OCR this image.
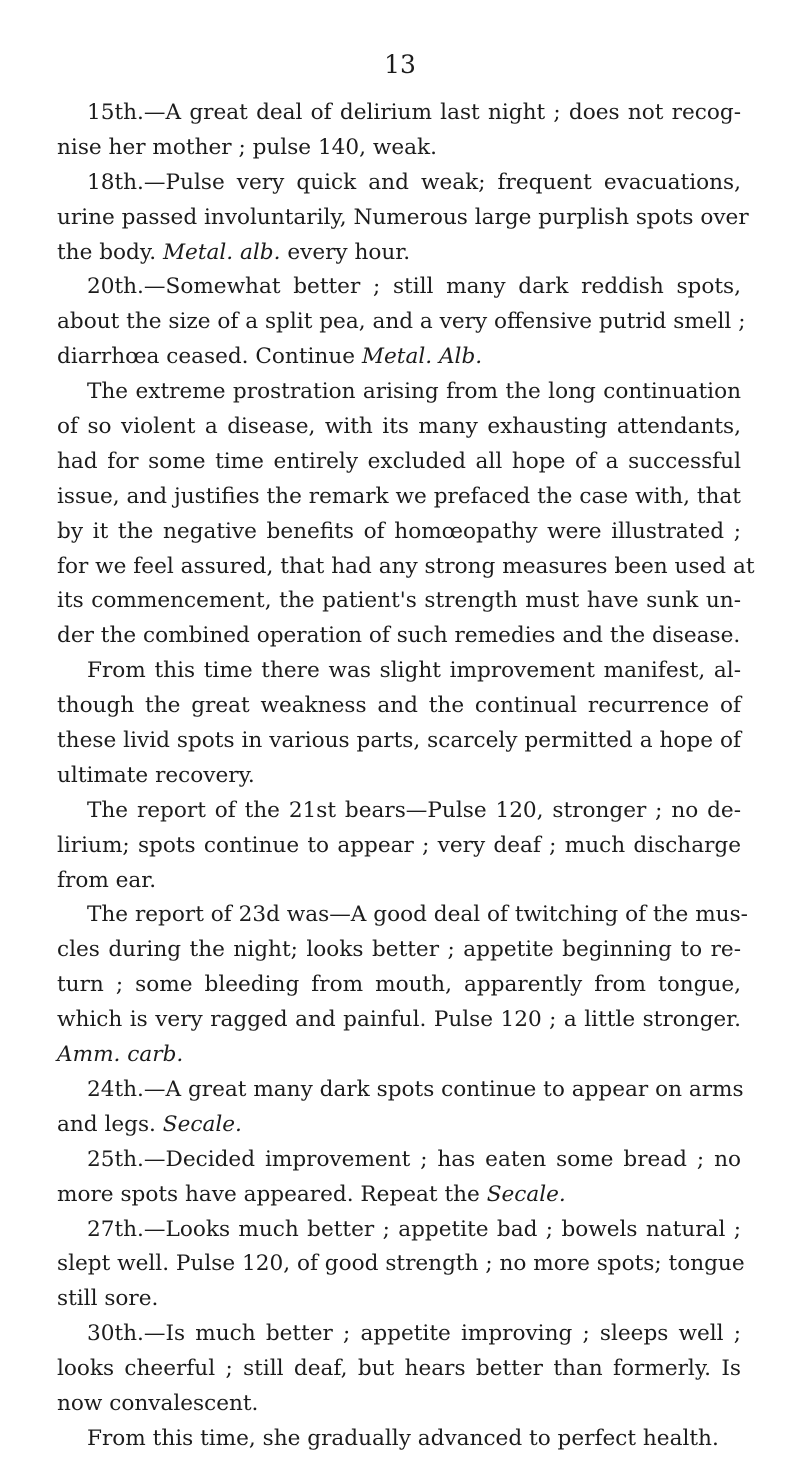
13
15th.—A great deal of delirium last night ; does not recog-
nise her mother ; pulse 140, weak.
18th.—Pulse very quick and weak; frequent evacuations,
urine passed involuntarily, Numerous large purplish spots over
the body. Metal. alb. every hour.
20th.—Somewhat better ; still many dark reddish spots,
about the size of a split pea, and a very offensive putrid smell ;
diarrhœa ceased. Continue Metal. Alb.
The extreme prostration arising from the long continuation
of so violent a disease, with its many exhausting attendants,
had for some time entirely excluded all hope of a successful
issue, and justifies the remark we prefaced the case with, that
by it the negative benefits of homœopathy were illustrated ;
for we feel assured, that had any strong measures been used at
its commencement, the patient's strength must have sunk un-
der the combined operation of such remedies and the disease.
From this time there was slight improvement manifest, al-
though the great weakness and the continual recurrence of
these livid spots in various parts, scarcely permitted a hope of
ultimate recovery.
The report of the 21st bears—Pulse 120, stronger ; no de-
lirium; spots continue to appear ; very deaf ; much discharge
from ear.
The report of 23d was—A good deal of twitching of the mus-
cles during the night; looks better ; appetite beginning to re-
turn ; some bleeding from mouth, apparently from tongue,
which is very ragged and painful. Pulse 120 ; a little stronger.
Amm. carb.
24th.—A great many dark spots continue to appear on arms
and legs. Secale.
25th.—Decided improvement ; has eaten some bread ; no
more spots have appeared. Repeat the Secale.
27th.—Looks much better ; appetite bad ; bowels natural ;
slept well. Pulse 120, of good strength ; no more spots; tongue
still sore.
30th.—Is much better ; appetite improving ; sleeps well ;
looks cheerful ; still deaf, but hears better than formerly. Is
now convalescent.
From this time, she gradually advanced to perfect health.
